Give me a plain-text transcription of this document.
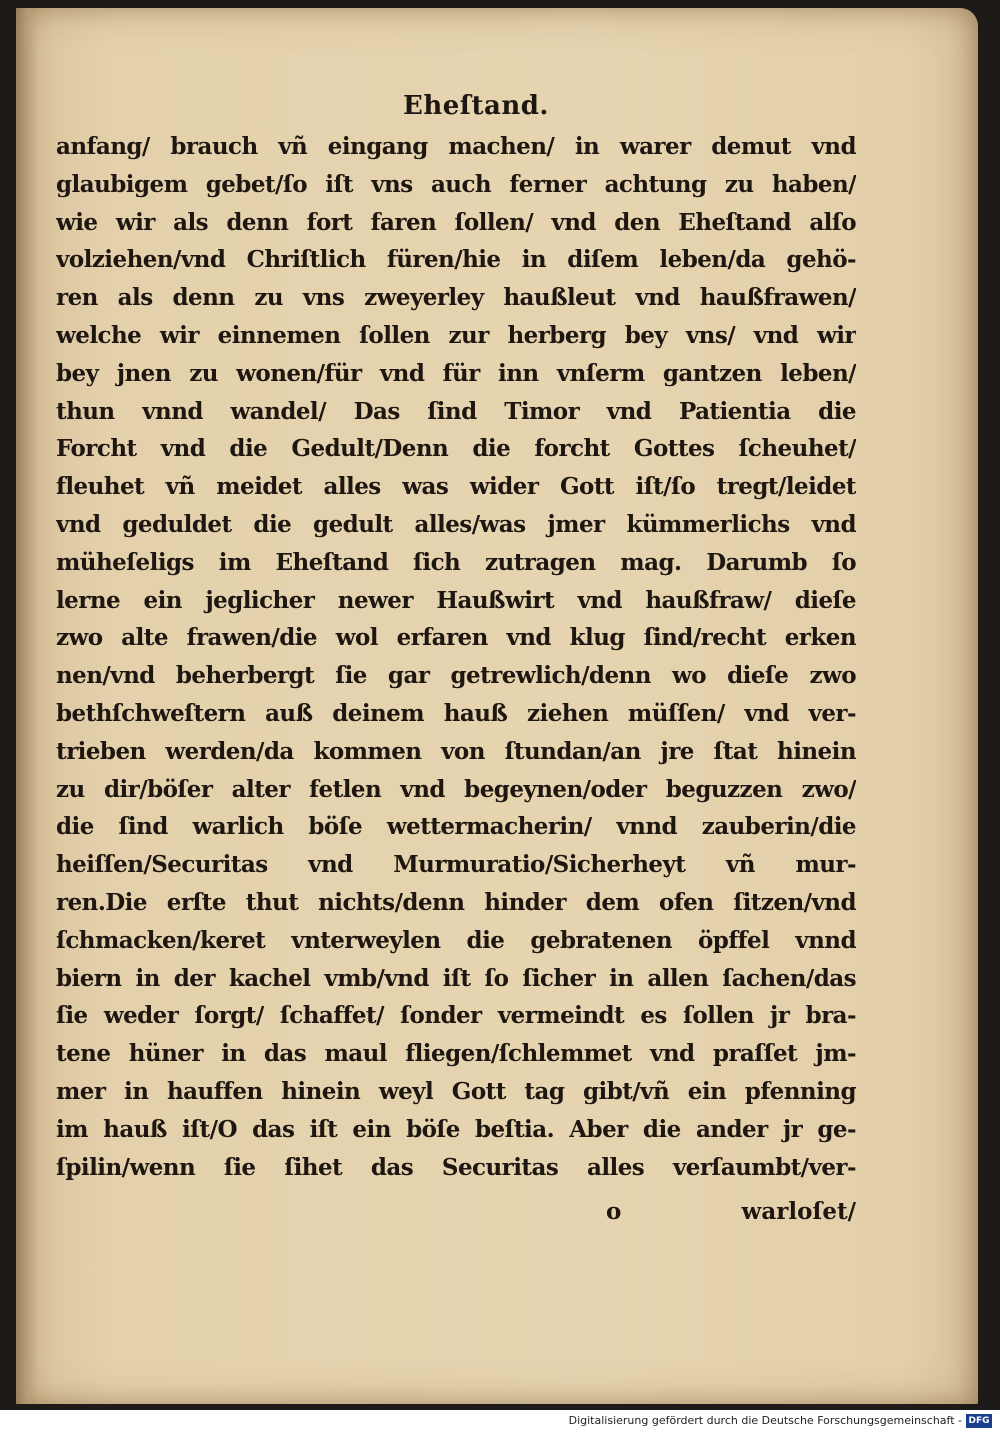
Eheſtand.
anfang/ brauch vñ eingang machen/ in warer demut vnd
glaubigem gebet/ſo iſt vns auch ferner achtung zu haben/
wie wir als denn fort faren ſollen/ vnd den Eheſtand alſo
volziehen/vnd Chriſtlich füren/hie in diſem leben/da gehö-
ren als denn zu vns zweyerley haußleut vnd haußfrawen/
welche wir einnemen ſollen zur herberg bey vns/ vnd wir
bey jnen zu wonen/für vnd für inn vnſerm gantzen leben/
thun vnnd wandel/ Das ſind Timor vnd Patientia die
Forcht vnd die Gedult/Denn die forcht Gottes ſcheuhet/
fleuhet vñ meidet alles was wider Gott iſt/ſo tregt/leidet
vnd geduldet die gedult alles/was jmer kümmerlichs vnd
müheſeligs im Eheſtand ſich zutragen mag. Darumb ſo
lerne ein jeglicher newer Haußwirt vnd haußfraw/ dieſe
zwo alte frawen/die wol erfaren vnd klug ſind/recht erken
nen/vnd beherbergt ſie gar getrewlich/denn wo dieſe zwo
bethſchweſtern auß deinem hauß ziehen müſſen/ vnd ver-
trieben werden/da kommen von ſtundan/an jre ſtat hinein
zu dir/böſer alter fetlen vnd begeynen/oder beguzzen zwo/
die ſind warlich böſe wettermacherin/ vnnd zauberin/die
heiſſen/Securitas vnd Murmuratio/Sicherheyt vñ mur-
ren.Die erſte thut nichts/denn hinder dem ofen ſitzen/vnd
ſchmacken/keret vnterweylen die gebratenen öpffel vnnd
biern in der kachel vmb/vnd iſt ſo ſicher in allen ſachen/das
ſie weder ſorgt/ ſchaffet/ ſonder vermeindt es ſollen jr bra-
tene hüner in das maul fliegen/ſchlemmet vnd praſſet jm-
mer in hauffen hinein weyl Gott tag gibt/vñ ein pfenning
im hauß iſt/O das iſt ein böſe beſtia. Aber die ander jr ge-
ſpilin/wenn ſie ſihet das Securitas alles verſaumbt/ver-
o	warloſet/
Digitalisierung gefördert durch die Deutsche Forschungsgemeinschaft - DFG
